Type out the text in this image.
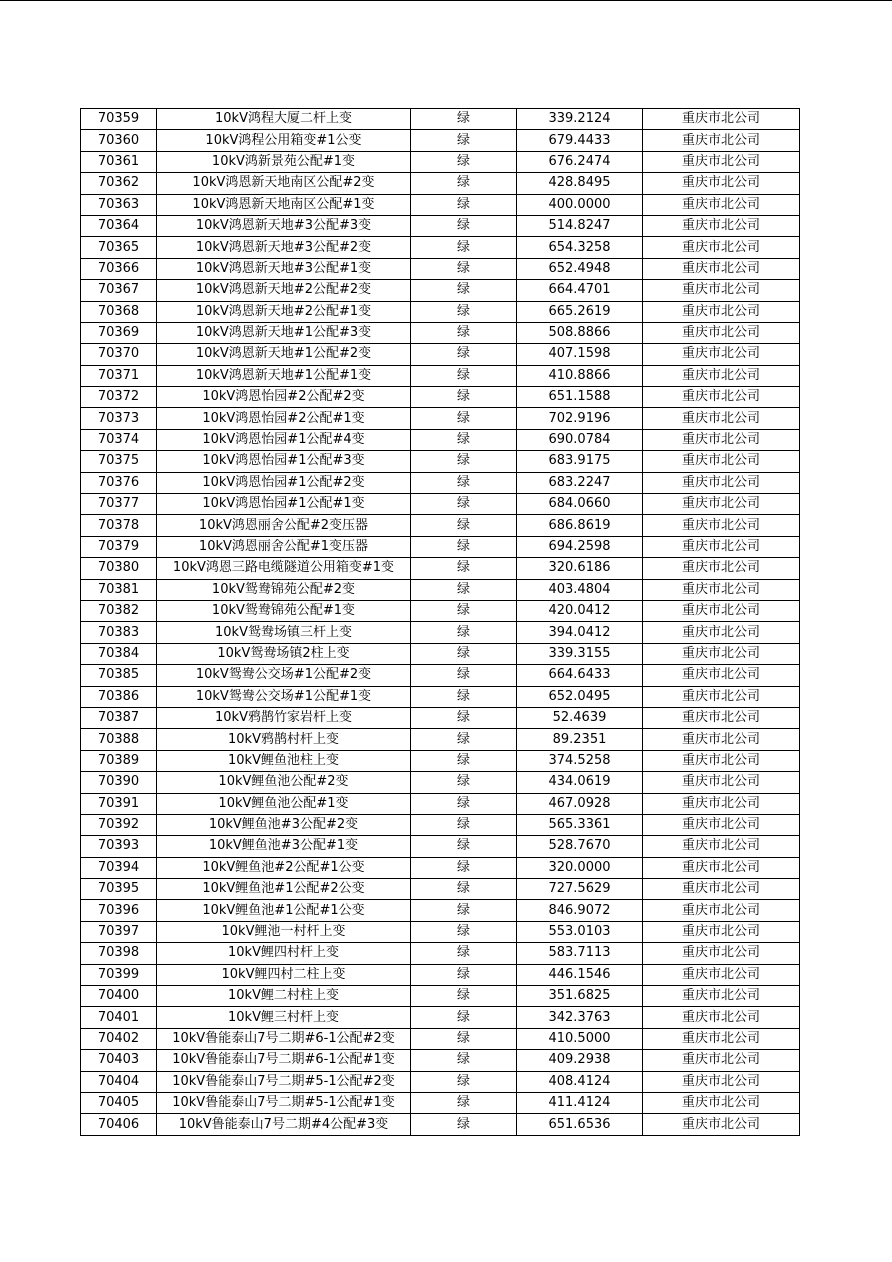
70359	10kV鸿程大厦二杆上变	绿	339.2124	重庆市北公司
70360	10kV鸿程公用箱变#1公变	绿	679.4433	重庆市北公司
70361	10kV鸿新景苑公配#1变	绿	676.2474	重庆市北公司
70362	10kV鸿恩新天地南区公配#2变	绿	428.8495	重庆市北公司
70363	10kV鸿恩新天地南区公配#1变	绿	400.0000	重庆市北公司
70364	10kV鸿恩新天地#3公配#3变	绿	514.8247	重庆市北公司
70365	10kV鸿恩新天地#3公配#2变	绿	654.3258	重庆市北公司
70366	10kV鸿恩新天地#3公配#1变	绿	652.4948	重庆市北公司
70367	10kV鸿恩新天地#2公配#2变	绿	664.4701	重庆市北公司
70368	10kV鸿恩新天地#2公配#1变	绿	665.2619	重庆市北公司
70369	10kV鸿恩新天地#1公配#3变	绿	508.8866	重庆市北公司
70370	10kV鸿恩新天地#1公配#2变	绿	407.1598	重庆市北公司
70371	10kV鸿恩新天地#1公配#1变	绿	410.8866	重庆市北公司
70372	10kV鸿恩怡园#2公配#2变	绿	651.1588	重庆市北公司
70373	10kV鸿恩怡园#2公配#1变	绿	702.9196	重庆市北公司
70374	10kV鸿恩怡园#1公配#4变	绿	690.0784	重庆市北公司
70375	10kV鸿恩怡园#1公配#3变	绿	683.9175	重庆市北公司
70376	10kV鸿恩怡园#1公配#2变	绿	683.2247	重庆市北公司
70377	10kV鸿恩怡园#1公配#1变	绿	684.0660	重庆市北公司
70378	10kV鸿恩丽舍公配#2变压器	绿	686.8619	重庆市北公司
70379	10kV鸿恩丽舍公配#1变压器	绿	694.2598	重庆市北公司
70380	10kV鸿恩三路电缆隧道公用箱变#1变	绿	320.6186	重庆市北公司
70381	10kV鸳鸯锦苑公配#2变	绿	403.4804	重庆市北公司
70382	10kV鸳鸯锦苑公配#1变	绿	420.0412	重庆市北公司
70383	10kV鸳鸯场镇三杆上变	绿	394.0412	重庆市北公司
70384	10kV鸳鸯场镇2柱上变	绿	339.3155	重庆市北公司
70385	10kV鸳鸯公交场#1公配#2变	绿	664.6433	重庆市北公司
70386	10kV鸳鸯公交场#1公配#1变	绿	652.0495	重庆市北公司
70387	10kV鸦鹊竹家岩杆上变	绿	52.4639	重庆市北公司
70388	10kV鸦鹊村杆上变	绿	89.2351	重庆市北公司
70389	10kV鲤鱼池柱上变	绿	374.5258	重庆市北公司
70390	10kV鲤鱼池公配#2变	绿	434.0619	重庆市北公司
70391	10kV鲤鱼池公配#1变	绿	467.0928	重庆市北公司
70392	10kV鲤鱼池#3公配#2变	绿	565.3361	重庆市北公司
70393	10kV鲤鱼池#3公配#1变	绿	528.7670	重庆市北公司
70394	10kV鲤鱼池#2公配#1公变	绿	320.0000	重庆市北公司
70395	10kV鲤鱼池#1公配#2公变	绿	727.5629	重庆市北公司
70396	10kV鲤鱼池#1公配#1公变	绿	846.9072	重庆市北公司
70397	10kV鲤池一村杆上变	绿	553.0103	重庆市北公司
70398	10kV鲤四村杆上变	绿	583.7113	重庆市北公司
70399	10kV鲤四村二柱上变	绿	446.1546	重庆市北公司
70400	10kV鲤二村柱上变	绿	351.6825	重庆市北公司
70401	10kV鲤三村杆上变	绿	342.3763	重庆市北公司
70402	10kV鲁能泰山7号二期#6-1公配#2变	绿	410.5000	重庆市北公司
70403	10kV鲁能泰山7号二期#6-1公配#1变	绿	409.2938	重庆市北公司
70404	10kV鲁能泰山7号二期#5-1公配#2变	绿	408.4124	重庆市北公司
70405	10kV鲁能泰山7号二期#5-1公配#1变	绿	411.4124	重庆市北公司
70406	10kV鲁能泰山7号二期#4公配#3变	绿	651.6536	重庆市北公司
